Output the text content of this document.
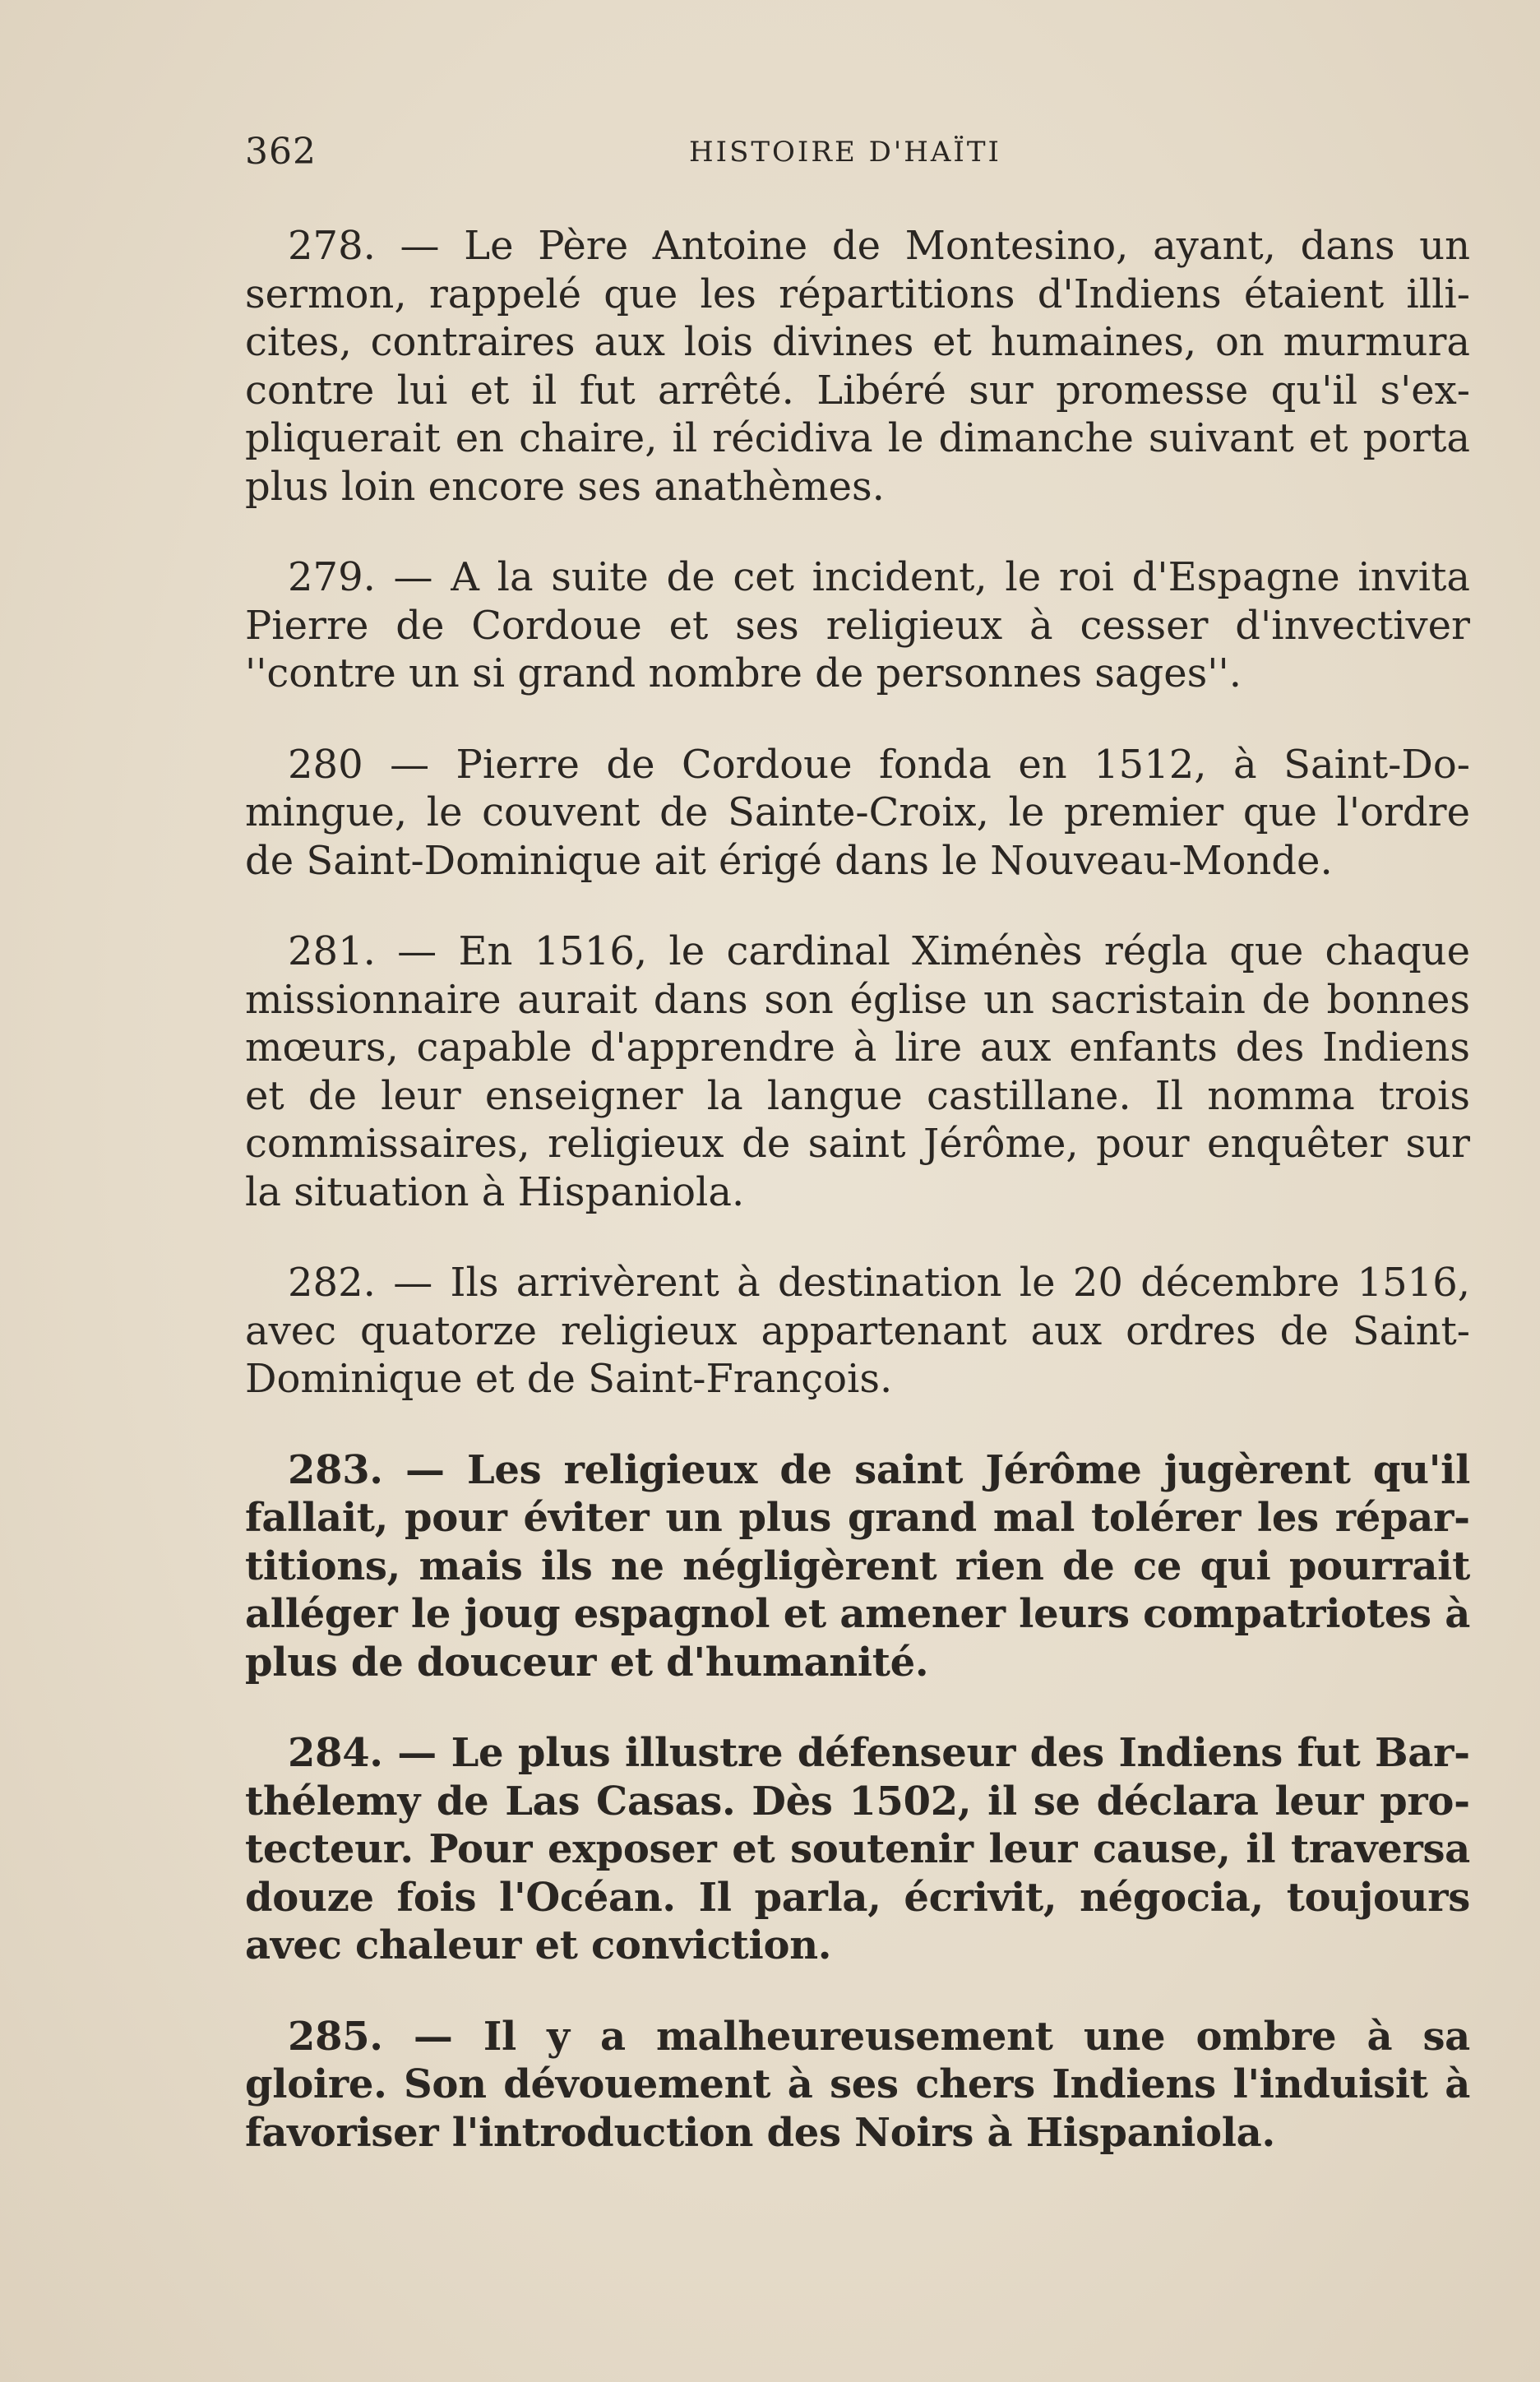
362	HISTOIRE D'HAÏTI

278. — Le Père Antoine de Montesino, ayant, dans un sermon, rappelé que les répartitions d'Indiens étaient illicites, contraires aux lois divines et humaines, on murmura contre lui et il fut arrêté. Libéré sur promesse qu'il s'expliquerait en chaire, il récidiva le dimanche suivant et porta plus loin encore ses anathèmes.

279. — A la suite de cet incident, le roi d'Espagne invita Pierre de Cordoue et ses religieux à cesser d'invectiver ''contre un si grand nombre de personnes sages''.

280 — Pierre de Cordoue fonda en 1512, à Saint-Domingue, le couvent de Sainte-Croix, le premier que l'ordre de Saint-Dominique ait érigé dans le Nouveau-Monde.

281. — En 1516, le cardinal Ximénès régla que chaque missionnaire aurait dans son église un sacristain de bonnes mœurs, capable d'apprendre à lire aux enfants des Indiens et de leur enseigner la langue castillane. Il nomma trois commissaires, religieux de saint Jérôme, pour enquêter sur la situation à Hispaniola.

282. — Ils arrivèrent à destination le 20 décembre 1516, avec quatorze religieux appartenant aux ordres de Saint-Dominique et de Saint-François.

283. — Les religieux de saint Jérôme jugèrent qu'il fallait, pour éviter un plus grand mal tolérer les répartitions, mais ils ne négligèrent rien de ce qui pourrait alléger le joug espagnol et amener leurs compatriotes à plus de douceur et d'humanité.

284. — Le plus illustre défenseur des Indiens fut Barthélemy de Las Casas. Dès 1502, il se déclara leur protecteur. Pour exposer et soutenir leur cause, il traversa douze fois l'Océan. Il parla, écrivit, négocia, toujours avec chaleur et conviction.

285. — Il y a malheureusement une ombre à sa gloire. Son dévouement à ses chers Indiens l'induisit à favoriser l'introduction des Noirs à Hispaniola.
